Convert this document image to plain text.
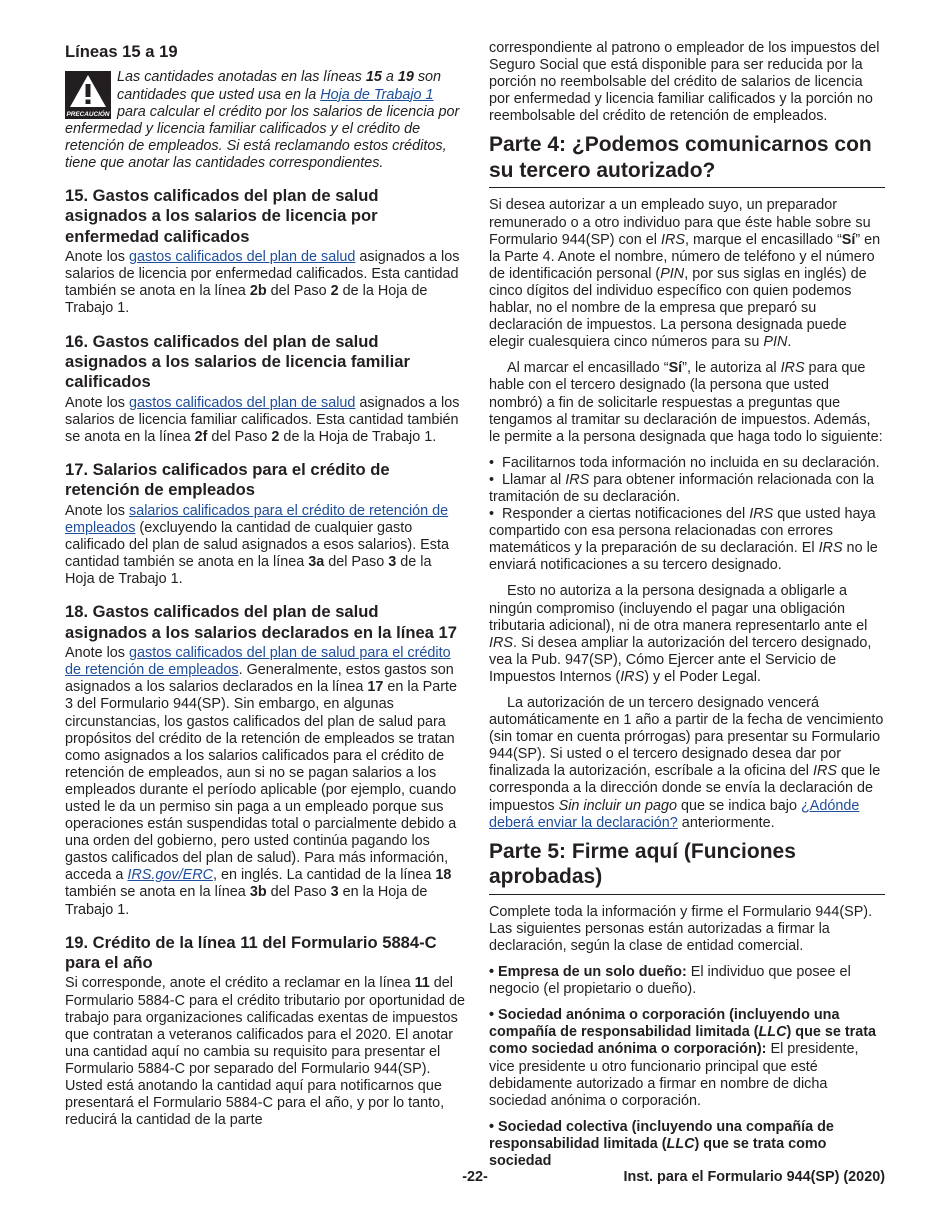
Líneas 15 a 19
PRECAUCIÓN
Las cantidades anotadas en las líneas 15 a 19 son cantidades que usted usa en la Hoja de Trabajo 1 para calcular el crédito por los salarios de licencia por enfermedad y licencia familiar calificados y el crédito de retención de empleados. Si está reclamando estos créditos, tiene que anotar las cantidades correspondientes.
15. Gastos calificados del plan de salud asignados a los salarios de licencia por enfermedad calificados

Anote los gastos calificados del plan de salud asignados a los salarios de licencia por enfermedad calificados. Esta cantidad también se anota en la línea 2b del Paso 2 de la Hoja de Trabajo 1.

16. Gastos calificados del plan de salud asignados a los salarios de licencia familiar calificados

Anote los gastos calificados del plan de salud asignados a los salarios de licencia familiar calificados. Esta cantidad también se anota en la línea 2f del Paso 2 de la Hoja de Trabajo 1.

17. Salarios calificados para el crédito de retención de empleados

Anote los salarios calificados para el crédito de retención de empleados (excluyendo la cantidad de cualquier gasto calificado del plan de salud asignados a esos salarios). Esta cantidad también se anota en la línea 3a del Paso 3 de la Hoja de Trabajo 1.

18. Gastos calificados del plan de salud asignados a los salarios declarados en la línea 17

Anote los gastos calificados del plan de salud para el crédito de retención de empleados. Generalmente, estos gastos son asignados a los salarios declarados en la línea 17 en la Parte 3 del Formulario 944(SP). Sin embargo, en algunas circunstancias, los gastos calificados del plan de salud para propósitos del crédito de la retención de empleados se tratan como asignados a los salarios calificados para el crédito de retención de empleados, aun si no se pagan salarios a los empleados durante el período aplicable (por ejemplo, cuando usted le da un permiso sin paga a un empleado porque sus operaciones están suspendidas total o parcialmente debido a una orden del gobierno, pero usted continúa pagando los gastos calificados del plan de salud). Para más información, acceda a IRS.gov/ERC, en inglés. La cantidad de la línea 18 también se anota en la línea 3b del Paso 3 en la Hoja de Trabajo 1.

19. Crédito de la línea 11 del Formulario 5884-C para el año

Si corresponde, anote el crédito a reclamar en la línea 11 del Formulario 5884-C para el crédito tributario por oportunidad de trabajo para organizaciones calificadas exentas de impuestos que contratan a veteranos calificados para el 2020. El anotar una cantidad aquí no cambia su requisito para presentar el Formulario 5884-C por separado del Formulario 944(SP). Usted está anotando la cantidad aquí para notificarnos que presentará el Formulario 5884-C para el año, y por lo tanto, reducirá la cantidad de la parte

correspondiente al patrono o empleador de los impuestos del Seguro Social que está disponible para ser reducida por la porción no reembolsable del crédito de salarios de licencia por enfermedad y licencia familiar calificados y la porción no reembolsable del crédito de retención de empleados.

Parte 4: ¿Podemos comunicarnos con su tercero autorizado?

Si desea autorizar a un empleado suyo, un preparador remunerado o a otro individuo para que éste hable sobre su Formulario 944(SP) con el IRS, marque el encasillado “Sí” en la Parte 4. Anote el nombre, número de teléfono y el número de identificación personal (PIN, por sus siglas en inglés) de cinco dígitos del individuo específico con quien podemos hablar, no el nombre de la empresa que preparó su declaración de impuestos. La persona designada puede elegir cualesquiera cinco números para su PIN.

Al marcar el encasillado “Sí”, le autoriza al IRS para que hable con el tercero designado (la persona que usted nombró) a fin de solicitarle respuestas a preguntas que tengamos al tramitar su declaración de impuestos. Además, le permite a la persona designada que haga todo lo siguiente:

•  Facilitarnos toda información no incluida en su declaración.
•  Llamar al IRS para obtener información relacionada con la tramitación de su declaración.
•  Responder a ciertas notificaciones del IRS que usted haya compartido con esa persona relacionadas con errores matemáticos y la preparación de su declaración. El IRS no le enviará notificaciones a su tercero designado.

Esto no autoriza a la persona designada a obligarle a ningún compromiso (incluyendo el pagar una obligación tributaria adicional), ni de otra manera representarlo ante el IRS. Si desea ampliar la autorización del tercero designado, vea la Pub. 947(SP), Cómo Ejercer ante el Servicio de Impuestos Internos (IRS) y el Poder Legal.

La autorización de un tercero designado vencerá automáticamente en 1 año a partir de la fecha de vencimiento (sin tomar en cuenta prórrogas) para presentar su Formulario 944(SP). Si usted o el tercero designado desea dar por finalizada la autorización, escríbale a la oficina del IRS que le corresponda a la dirección donde se envía la declaración de impuestos Sin incluir un pago que se indica bajo ¿Adónde deberá enviar la declaración? anteriormente.

Parte 5: Firme aquí (Funciones aprobadas)

Complete toda la información y firme el Formulario 944(SP). Las siguientes personas están autorizadas a firmar la declaración, según la clase de entidad comercial.

• Empresa de un solo dueño: El individuo que posee el negocio (el propietario o dueño).

• Sociedad anónima o corporación (incluyendo una compañía de responsabilidad limitada (LLC) que se trata como sociedad anónima o corporación): El presidente, vice presidente u otro funcionario principal que esté debidamente autorizado a firmar en nombre de dicha sociedad anónima o corporación.

• Sociedad colectiva (incluyendo una compañía de responsabilidad limitada (LLC) que se trata como sociedad

-22-	Inst. para el Formulario 944(SP) (2020)
